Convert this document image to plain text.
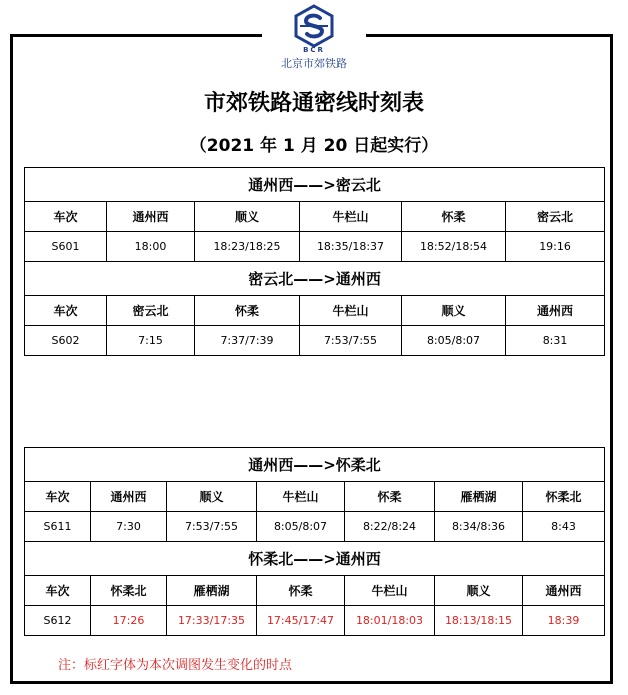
BCR
北京市郊铁路
市郊铁路通密线时刻表
（2021 年 1 月 20 日起实行）
通州西——>密云北					
车次	通州西	顺义	牛栏山	怀柔	密云北
S601	18:00	18:23/18:25	18:35/18:37	18:52/18:54	19:16
密云北——>通州西					
车次	密云北	怀柔	牛栏山	顺义	通州西
S602	7:15	7:37/7:39	7:53/7:55	8:05/8:07	8:31
通州西——>怀柔北						
车次	通州西	顺义	牛栏山	怀柔	雁栖湖	怀柔北
S611	7:30	7:53/7:55	8:05/8:07	8:22/8:24	8:34/8:36	8:43
怀柔北——>通州西						
车次	怀柔北	雁栖湖	怀柔	牛栏山	顺义	通州西
S612	17:26	17:33/17:35	17:45/17:47	18:01/18:03	18:13/18:15	18:39
注：标红字体为本次调图发生变化的时点
